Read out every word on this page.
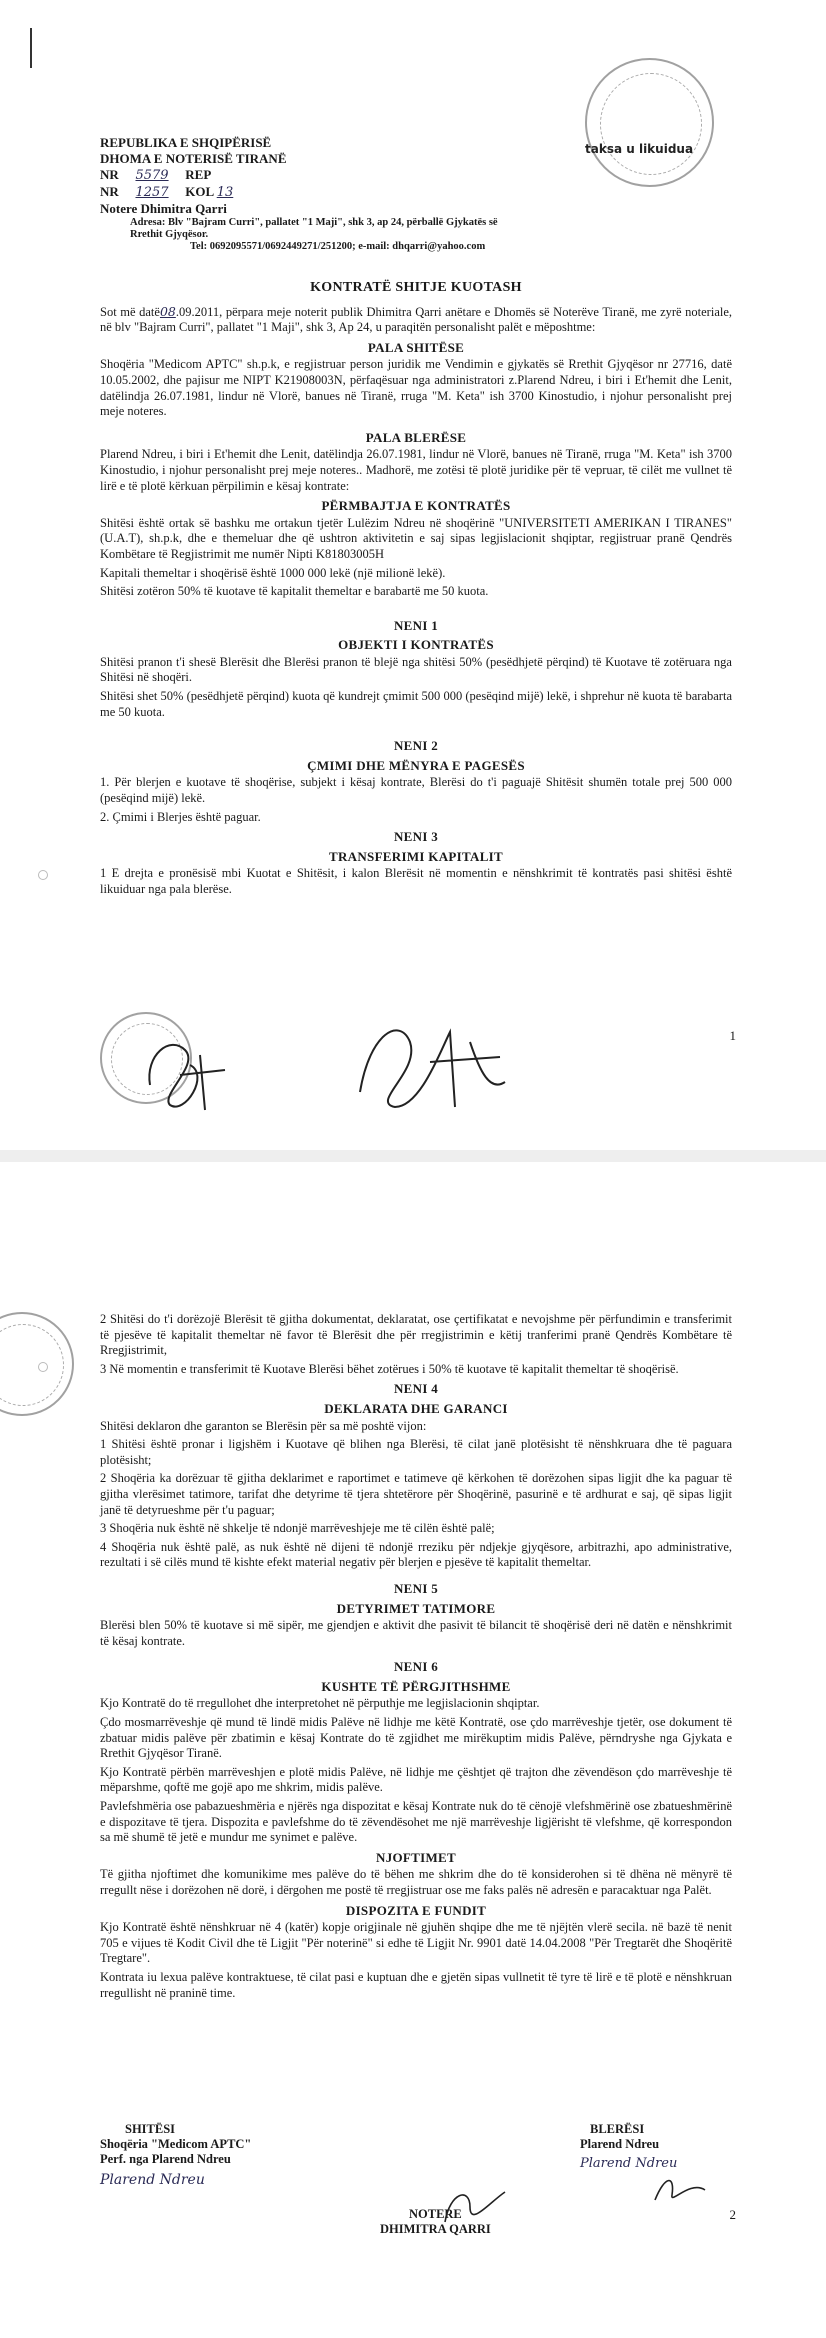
taksa u likuidua
REPUBLIKA E SHQIPËRISË
DHOMA E NOTERISË TIRANË
NR 5579 REP
NR 1257 KOL 13
Notere Dhimitra Qarri
Adresa: Blv "Bajram Curri", pallatet "1 Maji", shk 3, ap 24, përballë Gjykatës së Rrethit Gjyqësor.
Tel: 0692095571/0692449271/251200; e-mail: dhqarri@yahoo.com
KONTRATË SHITJE KUOTASH

Sot më datë08.09.2011, përpara meje noterit publik Dhimitra Qarri anëtare e Dhomës së Noterëve Tiranë, me zyrë noteriale, në blv "Bajram Curri", pallatet "1 Maji", shk 3, Ap 24, u paraqitën personalisht palët e mëposhtme:

PALA SHITËSE

Shoqëria "Medicom APTC" sh.p.k, e regjistruar person juridik me Vendimin e gjykatës së Rrethit Gjyqësor nr 27716, datë 10.05.2002, dhe pajisur me NIPT K21908003N, përfaqësuar nga administratori z.Plarend Ndreu, i biri i Et'hemit dhe Lenit, datëlindja 26.07.1981, lindur në Vlorë, banues në Tiranë, rruga "M. Keta" ish 3700 Kinostudio, i njohur personalisht prej meje noteres.

PALA BLERËSE

Plarend Ndreu, i biri i Et'hemit dhe Lenit, datëlindja 26.07.1981, lindur në Vlorë, banues në Tiranë, rruga "M. Keta" ish 3700 Kinostudio, i njohur personalisht prej meje noteres.. Madhorë, me zotësi të plotë juridike për të vepruar, të cilët me vullnet të lirë e të plotë kërkuan përpilimin e kësaj kontrate:

PËRMBAJTJA E KONTRATËS

Shitësi është ortak së bashku me ortakun tjetër Lulëzim Ndreu në shoqërinë "UNIVERSITETI AMERIKAN I TIRANES"(U.A.T), sh.p.k, dhe e themeluar dhe që ushtron aktivitetin e saj sipas legjislacionit shqiptar, regjistruar pranë Qendrës Kombëtare të Regjistrimit me numër Nipti K81803005H

Kapitali themeltar i shoqërisë është 1000 000 lekë (një milionë lekë).

Shitësi zotëron 50% të kuotave të kapitalit themeltar e barabartë me 50 kuota.

NENI 1
OBJEKTI I KONTRATËS

Shitësi pranon t'i shesë Blerësit dhe Blerësi pranon të blejë nga shitësi 50% (pesëdhjetë përqind) të Kuotave të zotëruara nga Shitësi në shoqëri.

Shitësi shet 50% (pesëdhjetë përqind) kuota që kundrejt çmimit 500 000 (pesëqind mijë) lekë, i shprehur në kuota të barabarta me 50 kuota.

NENI 2
ÇMIMI DHE MËNYRA E PAGESËS

1. Për blerjen e kuotave të shoqërise, subjekt i kësaj kontrate, Blerësi do t'i paguajë Shitësit shumën totale prej 500 000 (pesëqind mijë) lekë.

2. Çmimi i Blerjes është paguar.

NENI 3
TRANSFERIMI KAPITALIT

1 E drejta e pronësisë mbi Kuotat e Shitësit, i kalon Blerësit në momentin e nënshkrimit të kontratës pasi shitësi është likuiduar nga pala blerëse.

1

2 Shitësi do t'i dorëzojë Blerësit të gjitha dokumentat, deklaratat, ose çertifikatat e nevojshme për përfundimin e transferimit të pjesëve të kapitalit themeltar në favor të Blerësit dhe për rregjistrimin e këtij tranferimi pranë Qendrës Kombëtare të Rregjistrimit,

3 Në momentin e transferimit të Kuotave Blerësi bëhet zotërues i 50% të kuotave të kapitalit themeltar të shoqërisë.

NENI 4
DEKLARATA DHE GARANCI

Shitësi deklaron dhe garanton se Blerësin për sa më poshtë vijon:

1 Shitësi është pronar i ligjshëm i Kuotave që blihen nga Blerësi, të cilat janë plotësisht të nënshkruara dhe të paguara plotësisht;

2 Shoqëria ka dorëzuar të gjitha deklarimet e raportimet e tatimeve që kërkohen të dorëzohen sipas ligjit dhe ka paguar të gjitha vlerësimet tatimore, tarifat dhe detyrime të tjera shtetërore për Shoqërinë, pasurinë e të ardhurat e saj, që sipas ligjit janë të detyrueshme për t'u paguar;

3 Shoqëria nuk është në shkelje të ndonjë marrëveshjeje me të cilën është palë;

4 Shoqëria nuk është palë, as nuk është në dijeni të ndonjë rreziku për ndjekje gjyqësore, arbitrazhi, apo administrative, rezultati i së cilës mund të kishte efekt material negativ për blerjen e pjesëve të kapitalit themeltar.

NENI 5
DETYRIMET TATIMORE

Blerësi blen 50% të kuotave si më sipër, me gjendjen e aktivit dhe pasivit të bilancit të shoqërisë deri në datën e nënshkrimit të kësaj kontrate.

NENI 6
KUSHTE TË PËRGJITHSHME

Kjo Kontratë do të rregullohet dhe interpretohet në përputhje me legjislacionin shqiptar.

Çdo mosmarrëveshje që mund të lindë midis Palëve në lidhje me këtë Kontratë, ose çdo marrëveshje tjetër, ose dokument të zbatuar midis palëve për zbatimin e kësaj Kontrate do të zgjidhet me mirëkuptim midis Palëve, përndryshe nga Gjykata e Rrethit Gjyqësor Tiranë.

Kjo Kontratë përbën marrëveshjen e plotë midis Palëve, në lidhje me çështjet që trajton dhe zëvendëson çdo marrëveshje të mëparshme, qoftë me gojë apo me shkrim, midis palëve.

Pavlefshmëria ose pabazueshmëria e njërës nga dispozitat e kësaj Kontrate nuk do të cënojë vlefshmërinë ose zbatueshmërinë e dispozitave të tjera. Dispozita e pavlefshme do të zëvendësohet me një marrëveshje ligjërisht të vlefshme, që korrespondon sa më shumë të jetë e mundur me synimet e palëve.

NJOFTIMET

Të gjitha njoftimet dhe komunikime mes palëve do të bëhen me shkrim dhe do të konsiderohen si të dhëna në mënyrë të rregullt nëse i dorëzohen në dorë, i dërgohen me postë të rregjistruar ose me faks palës në adresën e paracaktuar nga Palët.

DISPOZITA E FUNDIT

Kjo Kontratë është nënshkruar në 4 (katër) kopje origjinale në gjuhën shqipe dhe me të njëjtën vlerë secila. në bazë të nenit 705 e vijues të Kodit Civil dhe të Ligjit "Për noterinë" si edhe të Ligjit Nr. 9901 datë 14.04.2008 "Për Tregtarët dhe Shoqëritë Tregtare".

Kontrata iu lexua palëve kontraktuese, të cilat pasi e kuptuan dhe e gjetën sipas vullnetit të tyre të lirë e të plotë e nënshkruan rregullisht në praninë time.

SHITËSI
Shoqëria "Medicom APTC"
Perf. nga Plarend Ndreu
Plarend Ndreu
BLERËSI
Plarend Ndreu
Plarend Ndreu
NOTERE
DHIMITRA QARRI
2
